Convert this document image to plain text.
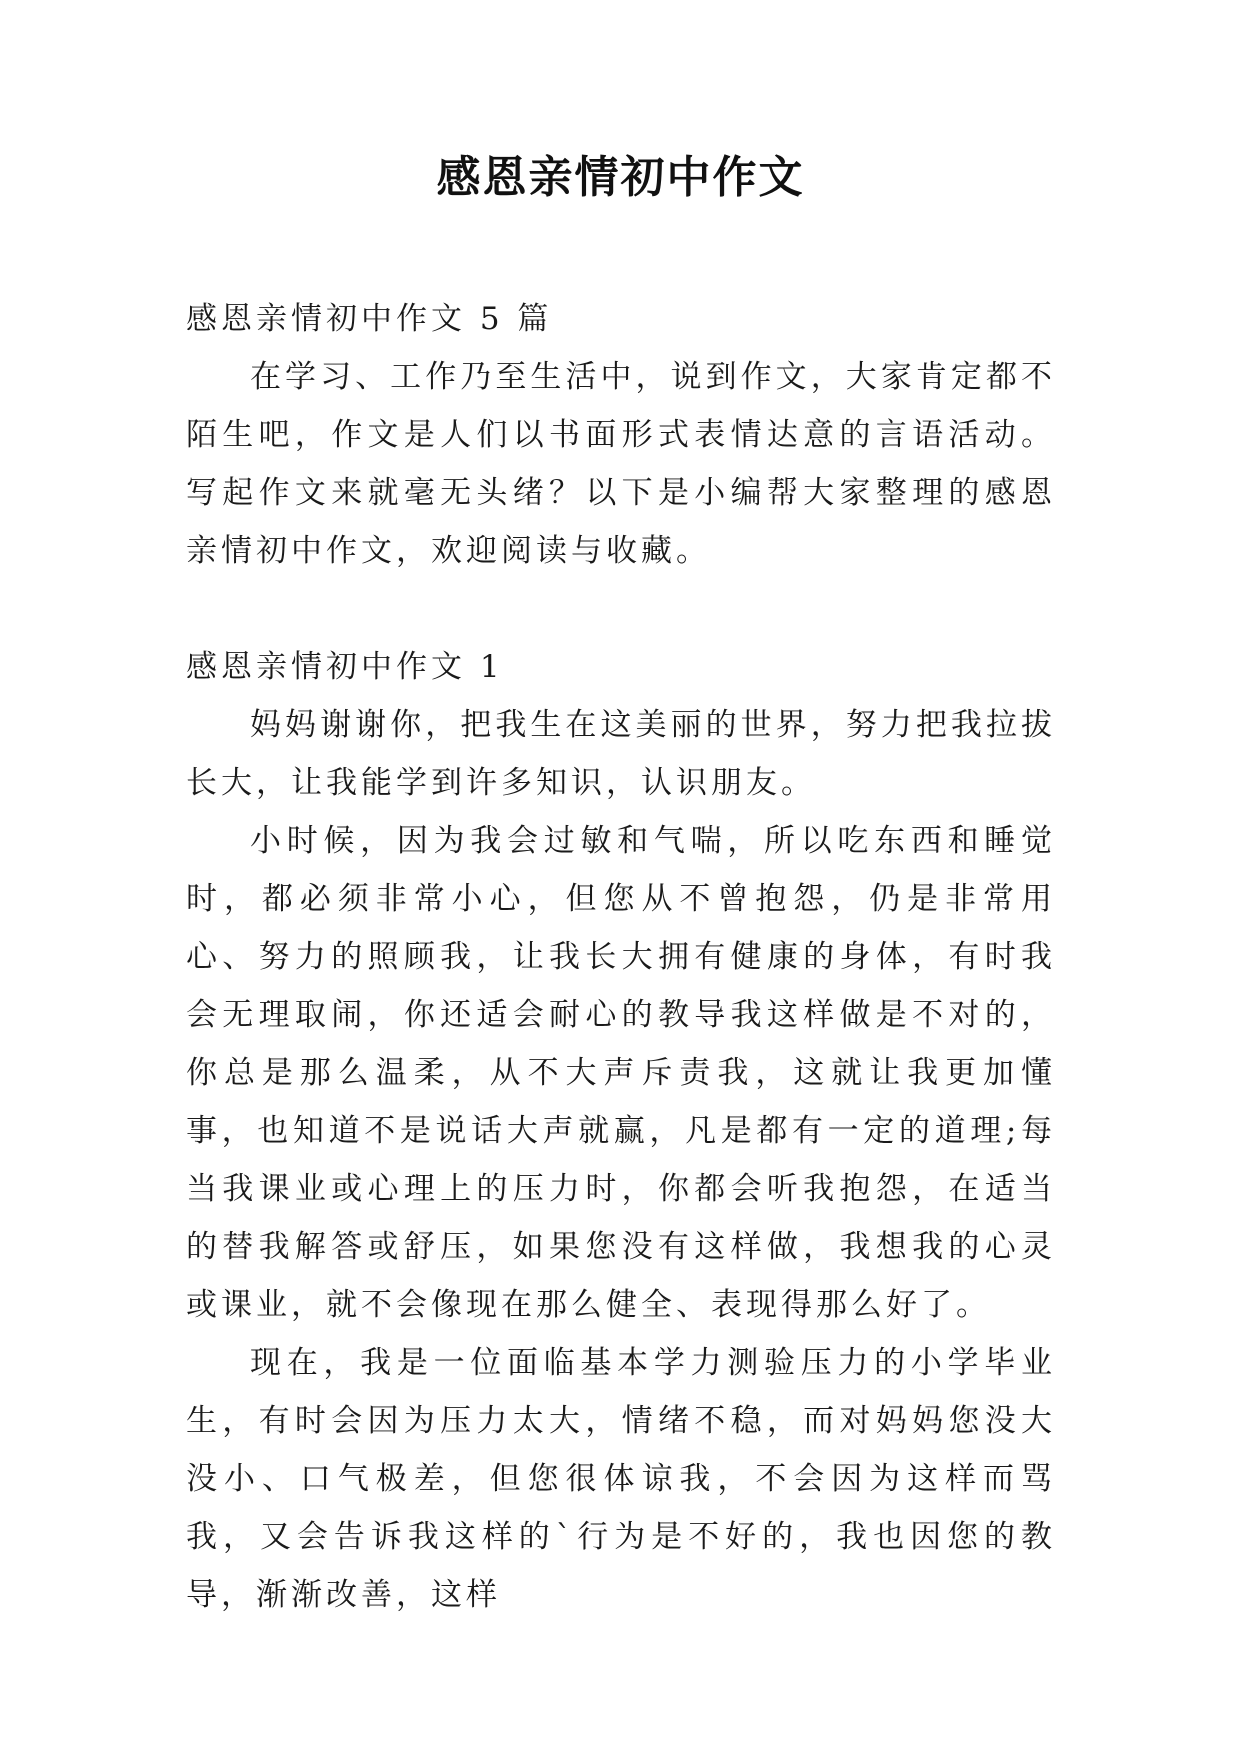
感恩亲情初中作文

感恩亲情初中作文 5 篇

在学习、工作乃至生活中，说到作文，大家肯定都不陌生吧，作文是人们以书面形式表情达意的言语活动。写起作文来就毫无头绪？以下是小编帮大家整理的感恩亲情初中作文，欢迎阅读与收藏。

感恩亲情初中作文 1

妈妈谢谢你，把我生在这美丽的世界，努力把我拉拔长大，让我能学到许多知识，认识朋友。

小时候，因为我会过敏和气喘，所以吃东西和睡觉时，都必须非常小心，但您从不曾抱怨，仍是非常用心、努力的照顾我，让我长大拥有健康的身体，有时我会无理取闹，你还适会耐心的教导我这样做是不对的，你总是那么温柔，从不大声斥责我，这就让我更加懂事，也知道不是说话大声就赢，凡是都有一定的道理;每当我课业或心理上的压力时，你都会听我抱怨，在适当的替我解答或舒压，如果您没有这样做，我想我的心灵或课业，就不会像现在那么健全、表现得那么好了。

现在，我是一位面临基本学力测验压力的小学毕业生，有时会因为压力太大，情绪不稳，而对妈妈您没大没小、口气极差，但您很体谅我，不会因为这样而骂我，又会告诉我这样的`行为是不好的，我也因您的教导，渐渐改善，这样
